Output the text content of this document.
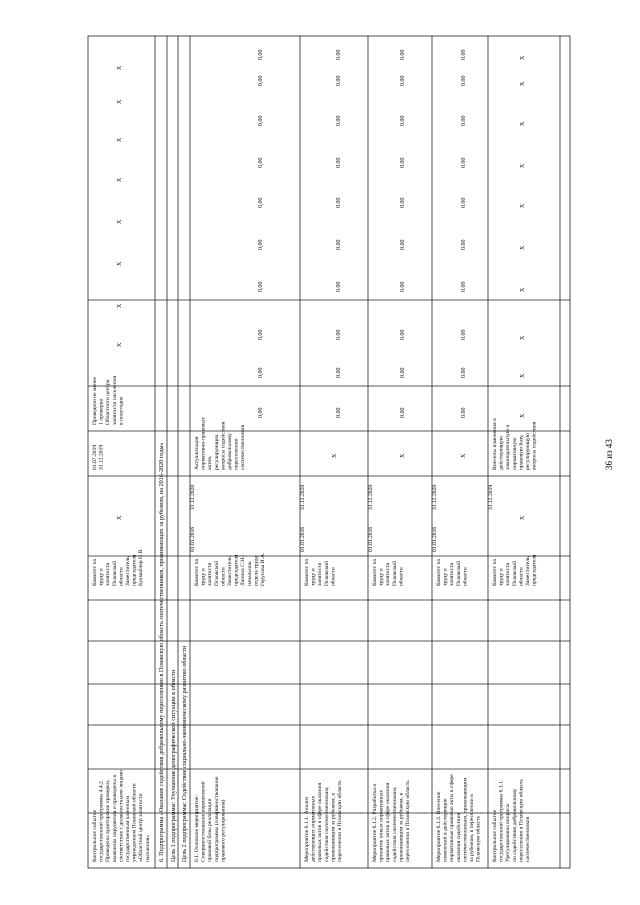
Контрольное событиегосударственной программы 4.4.2.Проведены аудиторские проверки,выявлены нарушения и приведены всоответствие с должностными лицамигосударственным казеннымучреждением Псковской области«Областной центр занятостинаселения»
Комитет потруду изанятостиПсковскойобластиЗаместительпредседателяБукмайлер Н.В.
X
01.07.201931.12.2019
Проведено не менее1 проверкиОбластного центразанятости населенияв полугодие
X
X
X
X
X
X
X
X
6. Подпрограмма «Оказание содействия добровольному переселению в Псковскую область соотечественников, проживающих за рубежом, на 2016-2020 годы» Цель 1 подпрограммы: Улучшение демографической ситуации в области Цель 2 подпрограммы: Содействие социально-экономическому развитию области 6.1. Основное мероприятие:Совершенствование нормативнойправовой базы реализацииподпрограммы (совершенствованиеправового регулирования)
Комитет потруду изанятостиПсковскойобластиЗаместительпредседателяЛапина С.Н.,начальникотдела трудаГерусова И.А.
01.01.2016
31.12.2020
Актуализациянормативно-правовыхактов,регулирующихвопросы содействиядобровольномупереселениюсоотечественников
0,00
0,00
0,00
0,00
0,00
0,00
0,00
0,00
0,00
0,00
Мероприятие 6.1.1. Анализдействующих нормативныхправовых актов в сфере оказаниясодействия соотечественникам,проживающим за рубежом, впереселении в Псковскую область
Комитет потруду изанятостиПсковскойобласти
01.01.2016
31.12.2020
X
0.00
0.00
0.00
0.00
0.00
0.00
0.00
0.00
0.00
0.00
Мероприятие 6.1.2. Разработка ипринятие новых нормативныхправовых актов в сфере оказаниясодействия соотечественникам,проживающим за рубежом, впереселении в Псковскую область
Комитет потруду изанятостиПсковскойобласти
01.01.2016
31.12.2020
X
0.00
0.00
0.00
0.00
0.00
0.00
0.00
0.00
0.00
0.00
Мероприятие 6.1.3. Внесениеизменений в действующиенормативные правовые акты в сфереоказания содействиясоотечественникам, проживающимза рубежом, в переселении вПсковскую область
Комитет потруду изанятостиПсковскойобласти
01.01.2016
31.12.2020
X
0.00
0.00
0.00
0.00
0.00
0.00
0.00
0.00
0.00
0.00
Контрольное событиегосударственной программы 6.1.1.Урегулированы вопросыпо содействию добровольномупереселению в Псковскую областьсоотечественников
Комитет потруду изанятостиПсковскойобластиЗаместительпредседателя
X
31.12.2019
Внесены изменения вдействующуюзаконодательную инормативнуюправовую базу,регулирующуювопросы содействия
X
X
X
X
X
X
X
X
X
X
36 из 43
